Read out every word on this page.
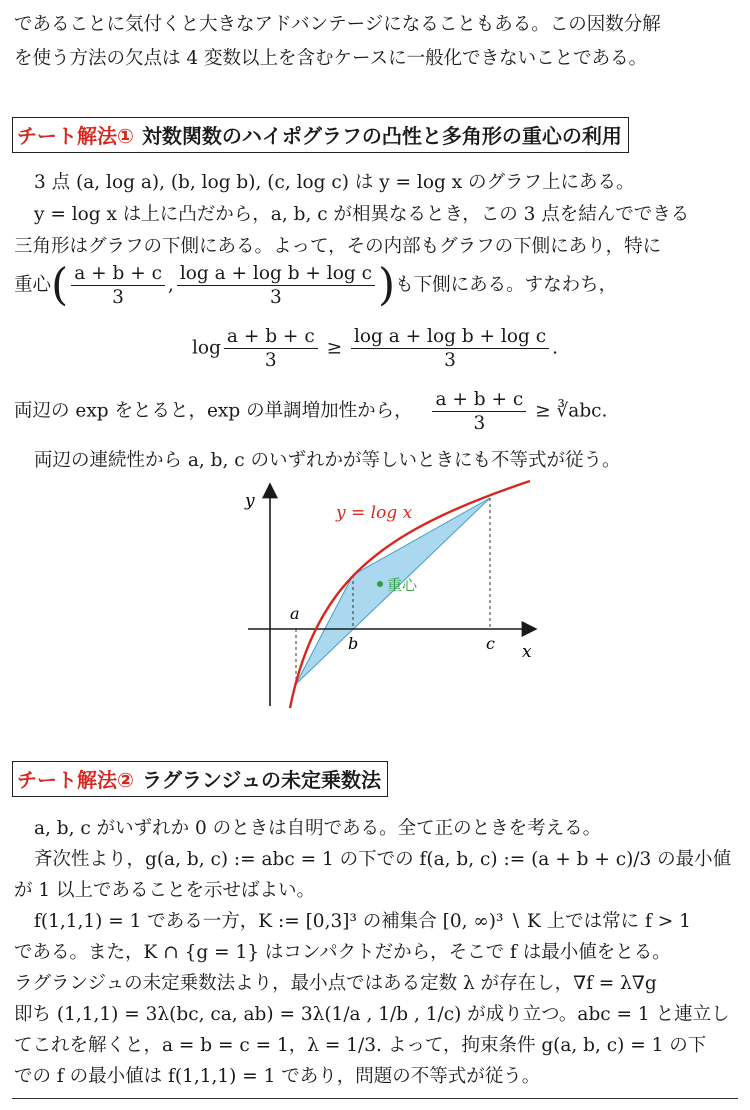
であることに気付くと大きなアドバンテージになることもある。この因数分解
を使う方法の欠点は 4 変数以上を含むケースに一般化できないことである。
チート解法① 対数関数のハイポグラフの凸性と多角形の重心の利用
3 点 (a, log a), (b, log b), (c, log c) は y = log x のグラフ上にある。
y = log x は上に凸だから，a, b, c が相異なるとき，この 3 点を結んでできる
三角形はグラフの下側にある。よって，その内部もグラフの下側にあり，特に
重心( $\frac{a + b + c}{3}$ , $\frac{\text{log a + log b + log c}}{3}$ )も下側にある。すなわち，
$\log \frac{a + b + c}{3} \ge \frac{\text{log a + log b + log c}}{3}$ .
両辺の exp をとると，exp の単調増加性から， $\frac{a + b + c}{3}$ ≥ ∛abc.
両辺の連続性から a, b, c のいずれかが等しいときにも不等式が従う。
重心
y
x
y = log x
a
b	c
チート解法② ラグランジュの未定乗数法
a, b, c がいずれか 0 のときは自明である。全て正のときを考える。
斉次性より，g(a, b, c) := abc = 1 の下での f(a, b, c) := (a + b + c)/3 の最小値
が 1 以上であることを示せばよい。
f(1,1,1) = 1 である一方，K := [0,3]³ の補集合 [0, ∞)³ ∖ K 上では常に f > 1
である。また，K ∩ {g = 1} はコンパクトだから，そこで f は最小値をとる。
ラグランジュの未定乗数法より，最小点ではある定数 λ が存在し，∇f = λ∇g
即ち (1,1,1) = 3λ(bc, ca, ab) = 3λ(1/a , 1/b , 1/c) が成り立つ。abc = 1 と連立し
てこれを解くと，a = b = c = 1，λ = 1/3. よって，拘束条件 g(a, b, c) = 1 の下
での f の最小値は f(1,1,1) = 1 であり，問題の不等式が従う。
